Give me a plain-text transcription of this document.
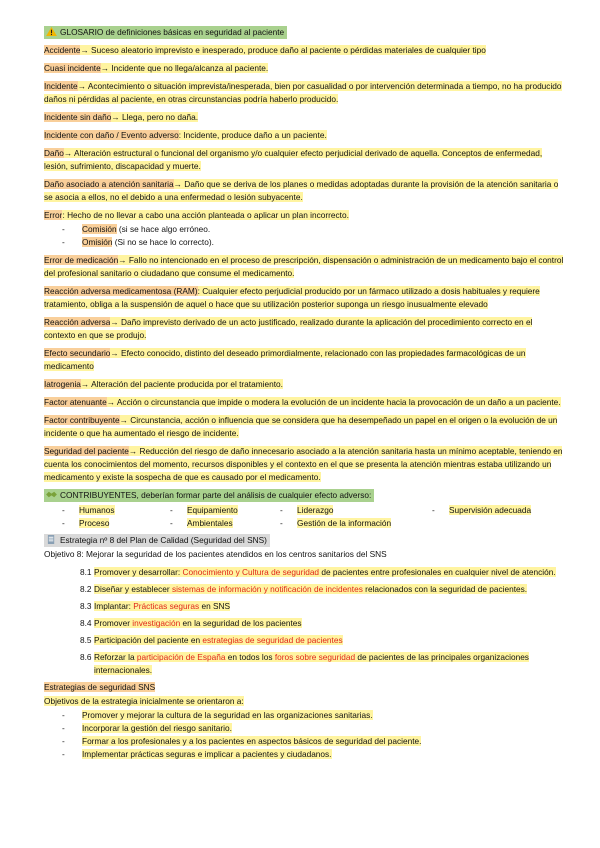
GLOSARIO de definiciones básicas en seguridad al paciente

Accidente→ Suceso aleatorio imprevisto e inesperado, produce daño al paciente o pérdidas materiales de cualquier tipo

Cuasi incidente→ Incidente que no llega/alcanza al paciente.

Incidente→ Acontecimiento o situación imprevista/inesperada, bien por casualidad o por intervención determinada a tiempo, no ha producido daños ni pérdidas al paciente, en otras circunstancias podría haberlo producido.

Incidente sin daño→ Llega, pero no daña.

Incidente con daño / Evento adverso: Incidente, produce daño a un paciente.

Daño→ Alteración estructural o funcional del organismo y/o cualquier efecto perjudicial derivado de aquella. Conceptos de enfermedad, lesión, sufrimiento, discapacidad y muerte.

Daño asociado a atención sanitaria→ Daño que se deriva de los planes o medidas adoptadas durante la provisión de la atención sanitaria o se asocia a ellos, no el debido a una enfermedad o lesión subyacente.

Error: Hecho de no llevar a cabo una acción planteada o aplicar un plan incorrecto.

- Comisión (si se hace algo erróneo.
- Omisión (Si no se hace lo correcto).

Error de medicación→ Fallo no intencionado en el proceso de prescripción, dispensación o administración de un medicamento bajo el control del profesional sanitario o ciudadano que consume el medicamento.

Reacción adversa medicamentosa (RAM): Cualquier efecto perjudicial producido por un fármaco utilizado a dosis habituales y requiere tratamiento, obliga a la suspensión de aquel o hace que su utilización posterior suponga un riesgo inusualmente elevado

Reacción adversa→ Daño imprevisto derivado de un acto justificado, realizado durante la aplicación del procedimiento correcto en el contexto en que se produjo.

Efecto secundario→ Efecto conocido, distinto del deseado primordialmente, relacionado con las propiedades farmacológicas de un medicamento

Iatrogenia→ Alteración del paciente producida por el tratamiento.

Factor atenuante→ Acción o circunstancia que impide o modera la evolución de un incidente hacia la provocación de un daño a un paciente.

Factor contribuyente→ Circunstancia, acción o influencia que se considera que ha desempeñado un papel en el origen o la evolución de un incidente o que ha aumentado el riesgo de incidente.

Seguridad del paciente→ Reducción del riesgo de daño innecesario asociado a la atención sanitaria hasta un mínimo aceptable, teniendo en cuenta los conocimientos del momento, recursos disponibles y el contexto en el que se presenta la atención mientras estaba utilizando un medicamento y existe la sospecha de que es causado por el medicamento.

CONTRIBUYENTES, deberían formar parte del análisis de cualquier efecto adverso:

- Humanos	- Equipamiento	- Liderazgo	- Supervisión adecuada
- Proceso	- Ambientales	- Gestión de la información

Estrategia nº 8 del Plan de Calidad (Seguridad del SNS)

Objetivo 8: Mejorar la seguridad de los pacientes atendidos en los centros sanitarios del SNS

8.1 Promover y desarrollar: Conocimiento y Cultura de seguridad de pacientes entre profesionales en cualquier nivel de atención.
8.2 Diseñar y establecer sistemas de información y notificación de incidentes relacionados con la seguridad de pacientes.
8.3 Implantar: Prácticas seguras en SNS
8.4 Promover investigación en la seguridad de los pacientes
8.5 Participación del paciente en estrategias de seguridad de pacientes
8.6 Reforzar la participación de España en todos los foros sobre seguridad de pacientes de las principales organizaciones internacionales.

Estrategias de seguridad SNS

Objetivos de la estrategia inicialmente se orientaron a:

- Promover y mejorar la cultura de la seguridad en las organizaciones sanitarias.
- Incorporar la gestión del riesgo sanitario.
- Formar a los profesionales y a los pacientes en aspectos básicos de seguridad del paciente.
- Implementar prácticas seguras e implicar a pacientes y ciudadanos.
